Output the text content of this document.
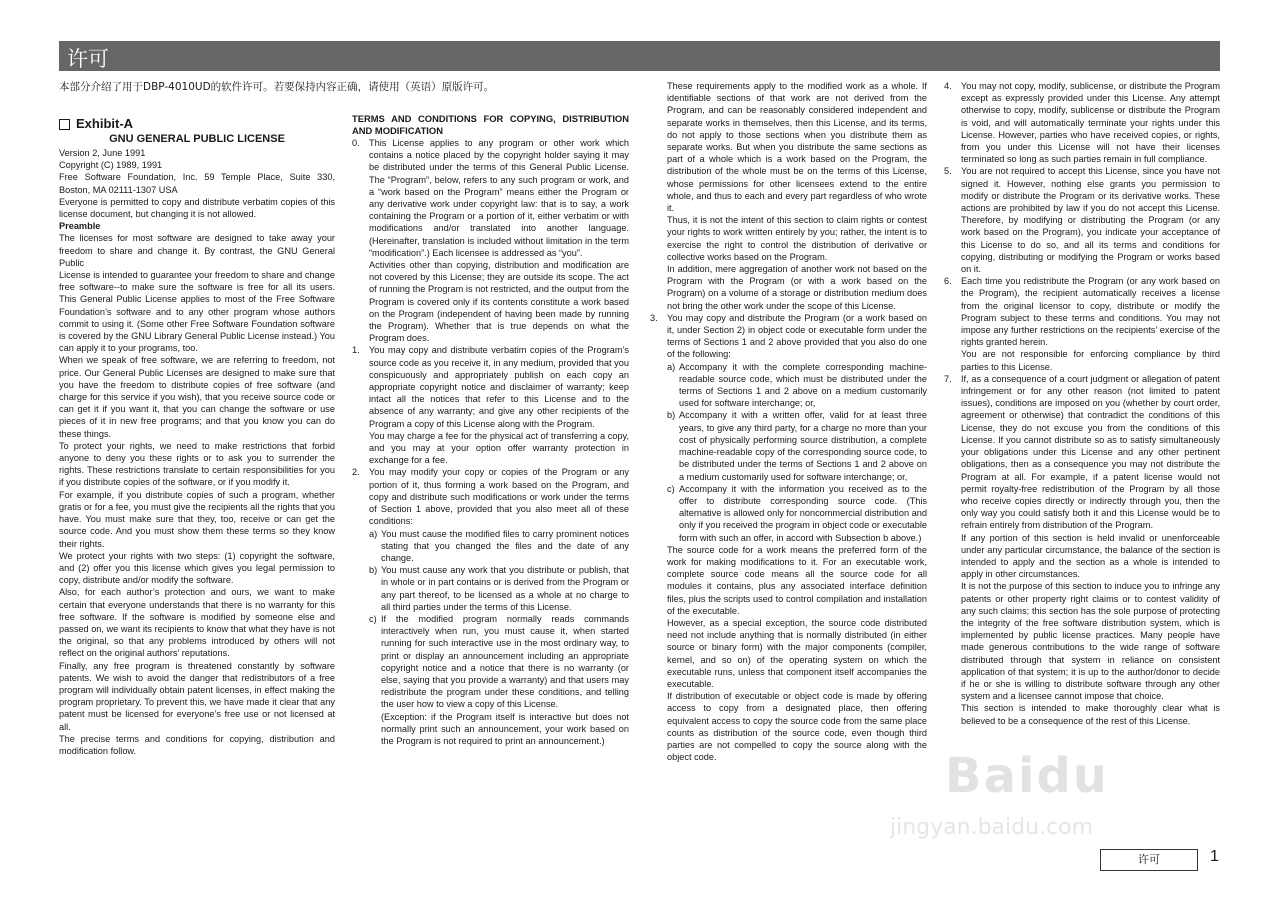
许可
本部分介绍了用于DBP-4010UD的软件许可。若要保持内容正确，请使用（英语）原版许可。
Exhibit-A
GNU GENERAL PUBLIC LICENSE

Version 2, June 1991

Copyright (C) 1989, 1991

Free Software Foundation, Inc. 59 Temple Place, Suite 330, Boston, MA 02111-1307 USA

Everyone is permitted to copy and distribute verbatim copies of this license document, but changing it is not allowed.

Preamble

The licenses for most software are designed to take away your freedom to share and change it. By contrast, the GNU General Public

License is intended to guarantee your freedom to share and change free software--to make sure the software is free for all its users. This General Public License applies to most of the Free Software Foundation’s software and to any other program whose authors commit to using it. (Some other Free Software Foundation software is covered by the GNU Library General Public License instead.) You can apply it to your programs, too.

When we speak of free software, we are referring to freedom, not price. Our General Public Licenses are designed to make sure that you have the freedom to distribute copies of free software (and charge for this service if you wish), that you receive source code or can get it if you want it, that you can change the software or use pieces of it in new free programs; and that you know you can do these things.

To protect your rights, we need to make restrictions that forbid anyone to deny you these rights or to ask you to surrender the rights. These restrictions translate to certain responsibilities for you if you distribute copies of the software, or if you modify it.

For example, if you distribute copies of such a program, whether gratis or for a fee, you must give the recipients all the rights that you have. You must make sure that they, too, receive or can get the source code. And you must show them these terms so they know their rights.

We protect your rights with two steps: (1) copyright the software, and (2) offer you this license which gives you legal permission to copy, distribute and/or modify the software.

Also, for each author’s protection and ours, we want to make certain that everyone understands that there is no warranty for this free software. If the software is modified by someone else and passed on, we want its recipients to know that what they have is not the original, so that any problems introduced by others will not reflect on the original authors’ reputations.

Finally, any free program is threatened constantly by software patents. We wish to avoid the danger that redistributors of a free program will individually obtain patent licenses, in effect making the program proprietary. To prevent this, we have made it clear that any patent must be licensed for everyone’s free use or not licensed at all.

The precise terms and conditions for copying, distribution and modification follow.

TERMS AND CONDITIONS FOR COPYING, DISTRIBUTION AND MODIFICATION

0.	This License applies to any program or other work which contains a notice placed by the copyright holder saying it may be distributed under the terms of this General Public License. The “Program”, below, refers to any such program or work, and a “work based on the Program” means either the Program or any derivative work under copyright law: that is to say, a work containing the Program or a portion of it, either verbatim or with modifications and/or translated into another language. (Hereinafter, translation is included without limitation in the term “modification”.) Each licensee is addressed as “you”.

Activities other than copying, distribution and modification are not covered by this License; they are outside its scope. The act of running the Program is not restricted, and the output from the Program is covered only if its contents constitute a work based on the Program (independent of having been made by running the Program). Whether that is true depends on what the Program does.

1.	You may copy and distribute verbatim copies of the Program’s source code as you receive it, in any medium, provided that you conspicuously and appropriately publish on each copy an appropriate copyright notice and disclaimer of warranty; keep intact all the notices that refer to this License and to the absence of any warranty; and give any other recipients of the Program a copy of this License along with the Program.

You may charge a fee for the physical act of transferring a copy, and you may at your option offer warranty protection in exchange for a fee.

2.	You may modify your copy or copies of the Program or any portion of it, thus forming a work based on the Program, and copy and distribute such modifications or work under the terms of Section 1 above, provided that you also meet all of these conditions:
a) You must cause the modified files to carry prominent notices stating that you changed the files and the date of any change.
b) You must cause any work that you distribute or publish, that in whole or in part contains or is derived from the Program or any part thereof, to be licensed as a whole at no charge to all third parties under the terms of this License.
c) If the modified program normally reads commands interactively when run, you must cause it, when started running for such interactive use in the most ordinary way, to print or display an announcement including an appropriate copyright notice and a notice that there is no warranty (or else, saying that you provide a warranty) and that users may redistribute the program under these conditions, and telling the user how to view a copy of this License.

(Exception: if the Program itself is interactive but does not normally print such an announcement, your work based on the Program is not required to print an announcement.)

These requirements apply to the modified work as a whole. If identifiable sections of that work are not derived from the Program, and can be reasonably considered independent and separate works in themselves, then this License, and its terms, do not apply to those sections when you distribute them as separate works. But when you distribute the same sections as part of a whole which is a work based on the Program, the distribution of the whole must be on the terms of this License, whose permissions for other licensees extend to the entire whole, and thus to each and every part regardless of who wrote it.

Thus, it is not the intent of this section to claim rights or contest your rights to work written entirely by you; rather, the intent is to exercise the right to control the distribution of derivative or collective works based on the Program.

In addition, mere aggregation of another work not based on the Program with the Program (or with a work based on the Program) on a volume of a storage or distribution medium does not bring the other work under the scope of this License.

3.	You may copy and distribute the Program (or a work based on it, under Section 2) in object code or executable form under the terms of Sections 1 and 2 above provided that you also do one of the following:
a) Accompany it with the complete corresponding machine-readable source code, which must be distributed under the terms of Sections 1 and 2 above on a medium customarily used for software interchange; or,
b) Accompany it with a written offer, valid for at least three years, to give any third party, for a charge no more than your cost of physically performing source distribution, a complete machine-readable copy of the corresponding source code, to be distributed under the terms of Sections 1 and 2 above on a medium customarily used for software interchange; or,
c) Accompany it with the information you received as to the offer to distribute corresponding source code. (This alternative is allowed only for noncommercial distribution and only if you received the program in object code or executable form with such an offer, in accord with Subsection b above.)

The source code for a work means the preferred form of the work for making modifications to it. For an executable work, complete source code means all the source code for all modules it contains, plus any associated interface definition files, plus the scripts used to control compilation and installation of the executable.

However, as a special exception, the source code distributed need not include anything that is normally distributed (in either source or binary form) with the major components (compiler, kernel, and so on) of the operating system on which the executable runs, unless that component itself accompanies the executable.

If distribution of executable or object code is made by offering access to copy from a designated place, then offering equivalent access to copy the source code from the same place counts as distribution of the source code, even though third parties are not compelled to copy the source along with the object code.

4.	You may not copy, modify, sublicense, or distribute the Program except as expressly provided under this License. Any attempt otherwise to copy, modify, sublicense or distribute the Program is void, and will automatically terminate your rights under this License. However, parties who have received copies, or rights, from you under this License will not have their licenses terminated so long as such parties remain in full compliance.
5.	You are not required to accept this License, since you have not signed it. However, nothing else grants you permission to modify or distribute the Program or its derivative works. These actions are prohibited by law if you do not accept this License. Therefore, by modifying or distributing the Program (or any work based on the Program), you indicate your acceptance of this License to do so, and all its terms and conditions for copying, distributing or modifying the Program or works based on it.
6.	Each time you redistribute the Program (or any work based on the Program), the recipient automatically receives a license from the original licensor to copy, distribute or modify the Program subject to these terms and conditions. You may not impose any further restrictions on the recipients’ exercise of the rights granted herein.

You are not responsible for enforcing compliance by third parties to this License.

7.	If, as a consequence of a court judgment or allegation of patent infringement or for any other reason (not limited to patent issues), conditions are imposed on you (whether by court order, agreement or otherwise) that contradict the conditions of this License, they do not excuse you from the conditions of this License. If you cannot distribute so as to satisfy simultaneously your obligations under this License and any other pertinent obligations, then as a consequence you may not distribute the Program at all. For example, if a patent license would not permit royalty-free redistribution of the Program by all those who receive copies directly or indirectly through you, then the only way you could satisfy both it and this License would be to refrain entirely from distribution of the Program.

If any portion of this section is held invalid or unenforceable under any particular circumstance, the balance of the section is intended to apply and the section as a whole is intended to apply in other circumstances.

It is not the purpose of this section to induce you to infringe any patents or other property right claims or to contest validity of any such claims; this section has the sole purpose of protecting the integrity of the free software distribution system, which is implemented by public license practices. Many people have made generous contributions to the wide range of software distributed through that system in reliance on consistent application of that system; it is up to the author/donor to decide if he or she is willing to distribute software through any other system and a licensee cannot impose that choice.

This section is intended to make thoroughly clear what is believed to be a consequence of the rest of this License.

Baidu
jingyan.baidu.com
许可	1
